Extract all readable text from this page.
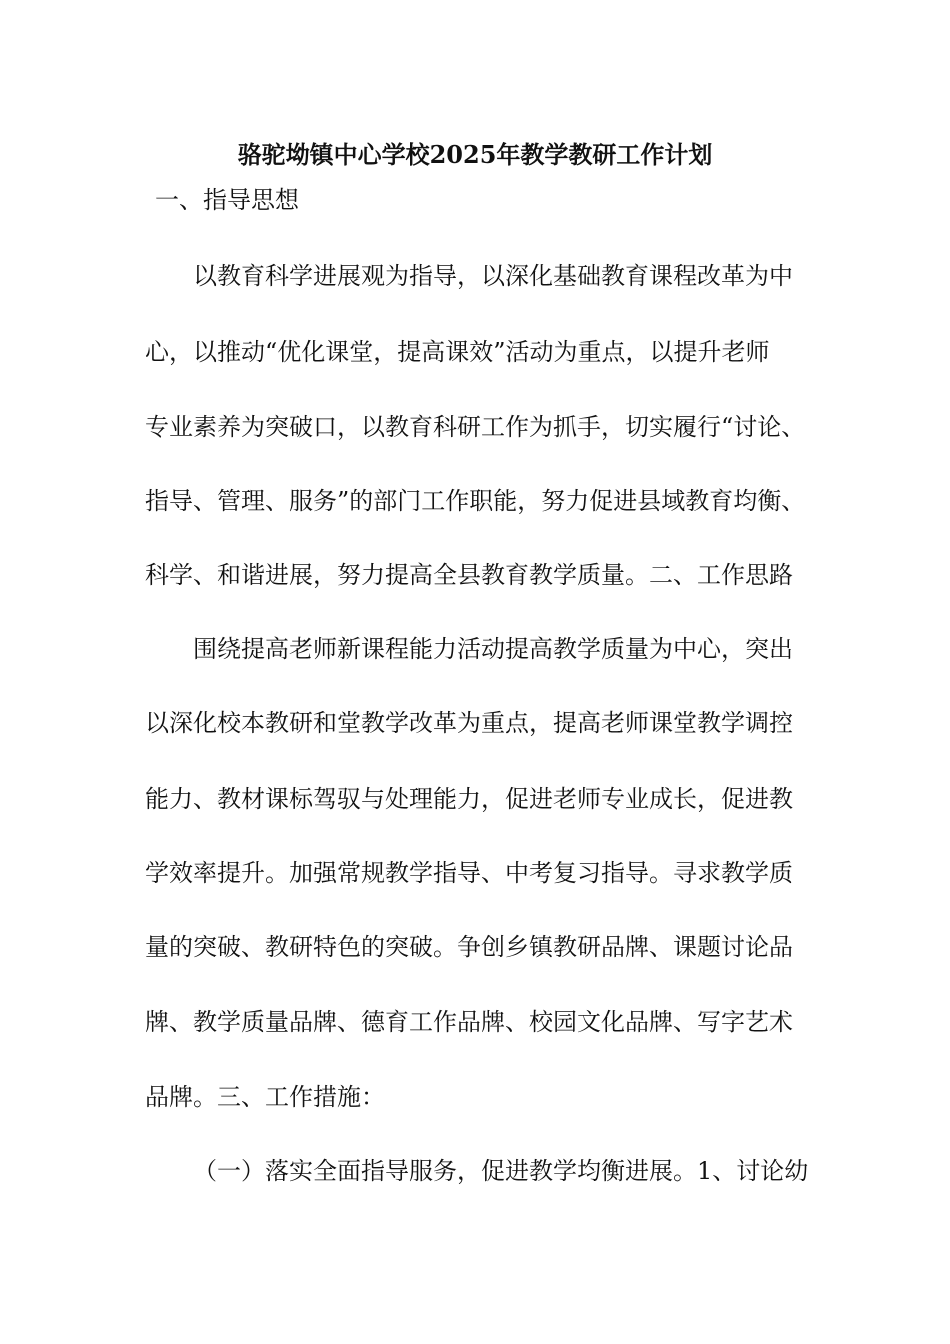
骆驼坳镇中心学校2025年教学教研工作计划
一、指导思想
以教育科学进展观为指导，以深化基础教育课程改革为中
心，以推动“优化课堂，提高课效”活动为重点，以提升老师
专业素养为突破口，以教育科研工作为抓手，切实履行“讨论、
指导、管理、服务”的部门工作职能，努力促进县域教育均衡、
科学、和谐进展，努力提高全县教育教学质量。二、工作思路
围绕提高老师新课程能力活动提高教学质量为中心，突出
以深化校本教研和堂教学改革为重点，提高老师课堂教学调控
能力、教材课标驾驭与处理能力，促进老师专业成长，促进教
学效率提升。加强常规教学指导、中考复习指导。寻求教学质
量的突破、教研特色的突破。争创乡镇教研品牌、课题讨论品
牌、教学质量品牌、德育工作品牌、校园文化品牌、写字艺术
品牌。三、工作措施：
（一）落实全面指导服务，促进教学均衡进展。1、讨论幼
